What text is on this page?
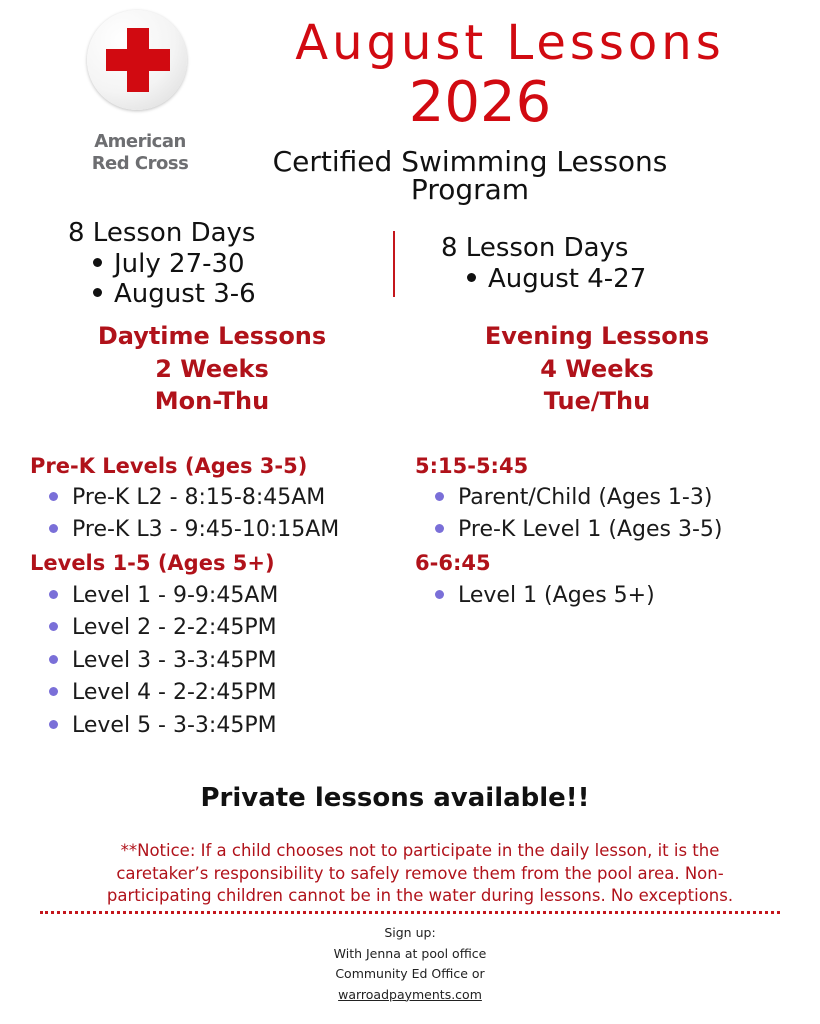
American
Red Cross
August Lessons
2026
Certified Swimming Lessons
Program
8 Lesson Days
July 27-30
August 3-6
8 Lesson Days
August 4-27
Daytime Lessons
2 Weeks
Mon-Thu
Evening Lessons
4 Weeks
Tue/Thu
Pre-K Levels (Ages 3-5)
Pre-K L2 - 8:15-8:45AM
Pre-K L3 - 9:45-10:15AM
Levels 1-5 (Ages 5+)
Level 1 - 9-9:45AM
Level 2 - 2-2:45PM
Level 3 - 3-3:45PM
Level 4 - 2-2:45PM
Level 5 - 3-3:45PM
5:15-5:45
Parent/Child (Ages 1-3)
Pre-K Level 1 (Ages 3-5)
6-6:45
Level 1 (Ages 5+)
Private lessons available!!
**Notice: If a child chooses not to participate in the daily lesson, it is the
caretaker’s responsibility to safely remove them from the pool area. Non-
participating children cannot be in the water during lessons. No exceptions.
Sign up:
With Jenna at pool office
Community Ed Office or
warroadpayments.com
